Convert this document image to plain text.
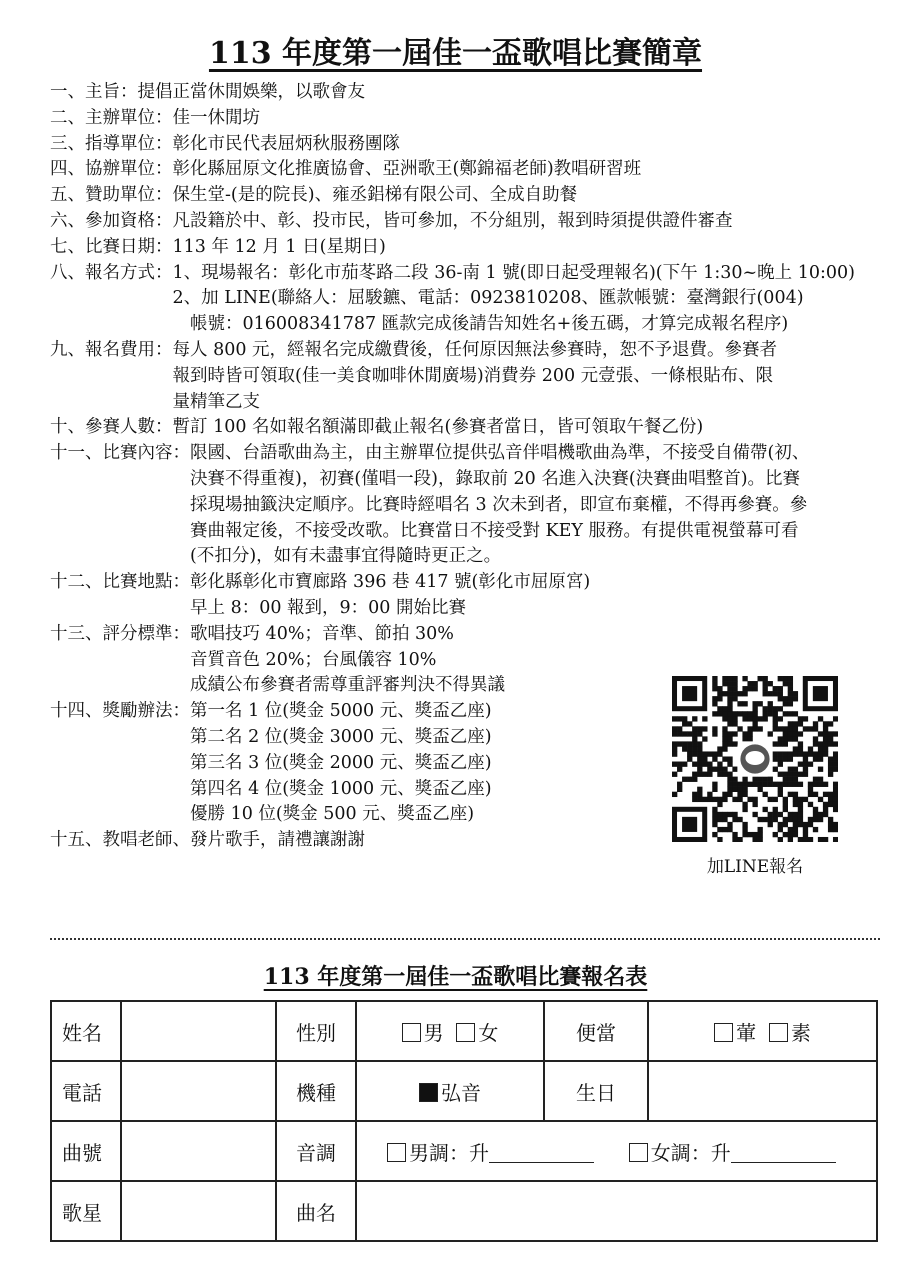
113 年度第一屆佳一盃歌唱比賽簡章
一、主旨： 提倡正當休閒娛樂，以歌會友
二、主辦單位： 佳一休閒坊
三、指導單位： 彰化市民代表屈炳秋服務團隊
四、協辦單位： 彰化縣屈原文化推廣協會、亞洲歌王(鄭錦福老師)教唱研習班
五、贊助單位： 保生堂-(是的院長)、雍丞鋁梯有限公司、全成自助餐
六、參加資格： 凡設籍於中、彰、投市民，皆可參加，不分組別，報到時須提供證件審查
七、比賽日期： 113 年 12 月 1 日(星期日)
八、報名方式： 1、現場報名：彰化市茄苳路二段 36-南 1 號(即日起受理報名)(下午 1:30~晚上 10:00)
2、加 LINE(聯絡人：屈駿鑣、電話：0923810208、匯款帳號：臺灣銀行(004)
　帳號：016008341787 匯款完成後請告知姓名+後五碼，才算完成報名程序)
九、報名費用： 每人 800 元，經報名完成繳費後，任何原因無法參賽時，恕不予退費。參賽者
報到時皆可領取(佳一美食咖啡休閒廣場)消費券 200 元壹張、一條根貼布、限
量精筆乙支
十、參賽人數： 暫訂 100 名如報名額滿即截止報名(參賽者當日，皆可領取午餐乙份)
十一、比賽內容： 限國、台語歌曲為主，由主辦單位提供弘音伴唱機歌曲為準，不接受自備帶(初、
決賽不得重複)，初賽(僅唱一段)，錄取前 20 名進入決賽(決賽曲唱整首)。比賽
採現場抽籤決定順序。比賽時經唱名 3 次未到者，即宣布棄權，不得再參賽。參
賽曲報定後，不接受改歌。比賽當日不接受對 KEY 服務。有提供電視螢幕可看
(不扣分)，如有未盡事宜得隨時更正之。
十二、比賽地點： 彰化縣彰化市寶廊路 396 巷 417 號(彰化市屈原宮)
早上 8：00 報到，9：00 開始比賽
十三、評分標準： 歌唱技巧 40%；音準、節拍 30%
音質音色 20%；台風儀容 10%
成績公布參賽者需尊重評審判決不得異議
十四、獎勵辦法： 第一名 1 位(獎金 5000 元、獎盃乙座)
第二名 2 位(獎金 3000 元、獎盃乙座)
第三名 3 位(獎金 2000 元、獎盃乙座)
第四名 4 位(獎金 1000 元、獎盃乙座)
優勝 10 位(獎金 500 元、獎盃乙座)
十五、教唱老師、發片歌手，請禮讓謝謝
加LINE報名
113 年度第一屆佳一盃歌唱比賽報名表
姓名		性別	男 女	便當	葷 素
電話		機種	弘音	生日	
曲號		音調	男調：升 女調：升		
歌星		曲名			
